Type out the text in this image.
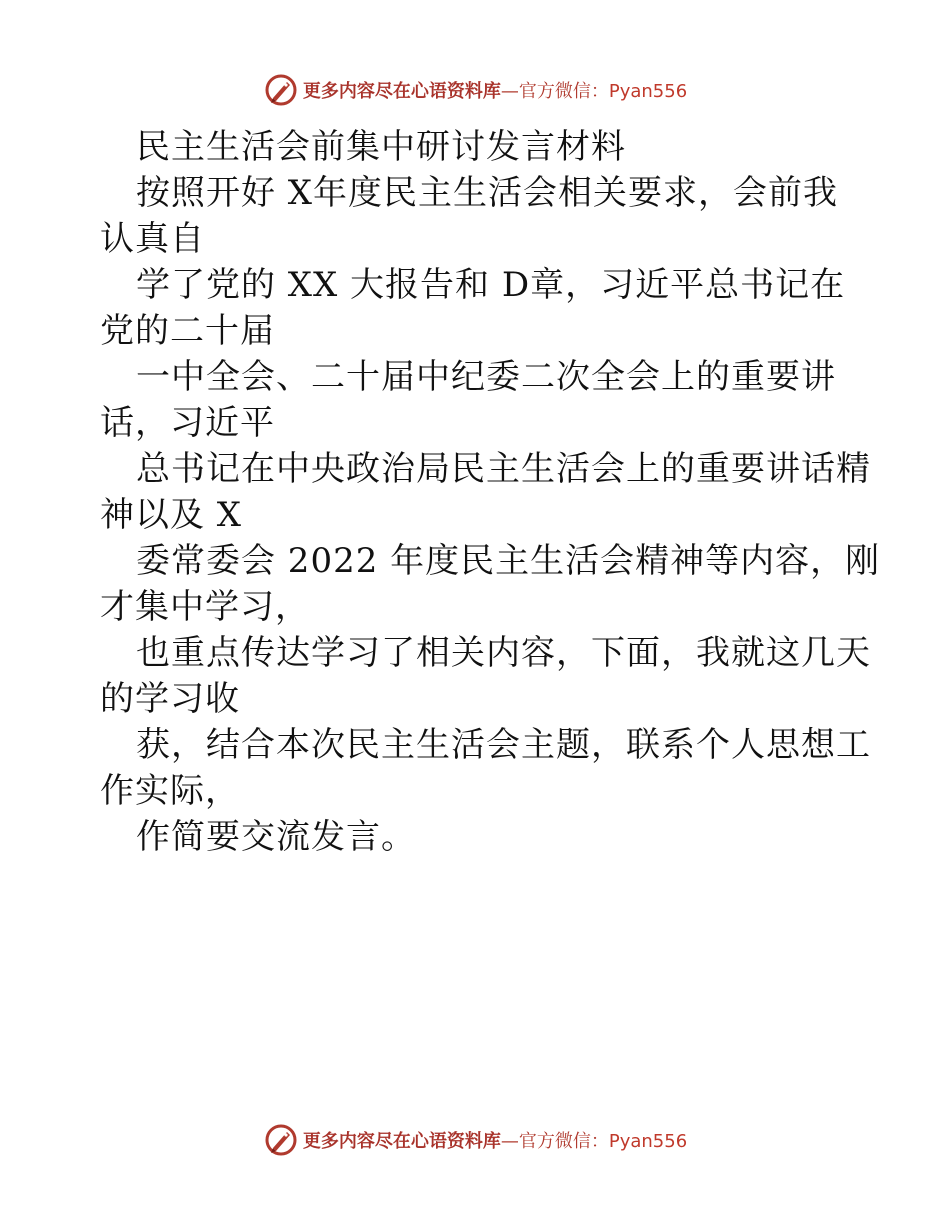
更多内容尽在心语资料库—官方微信：Pyan556
民主生活会前集中研讨发言材料
按照开好 X年度民主生活会相关要求，会前我
认真自
学了党的 XX 大报告和 D章，习近平总书记在
党的二十届
一中全会、二十届中纪委二次全会上的重要讲
话，习近平
总书记在中央政治局民主生活会上的重要讲话精
神以及 X
委常委会 2022 年度民主生活会精神等内容，刚
才集中学习，
也重点传达学习了相关内容，下面，我就这几天
的学习收
获，结合本次民主生活会主题，联系个人思想工
作实际，
作简要交流发言。
更多内容尽在心语资料库—官方微信：Pyan556
